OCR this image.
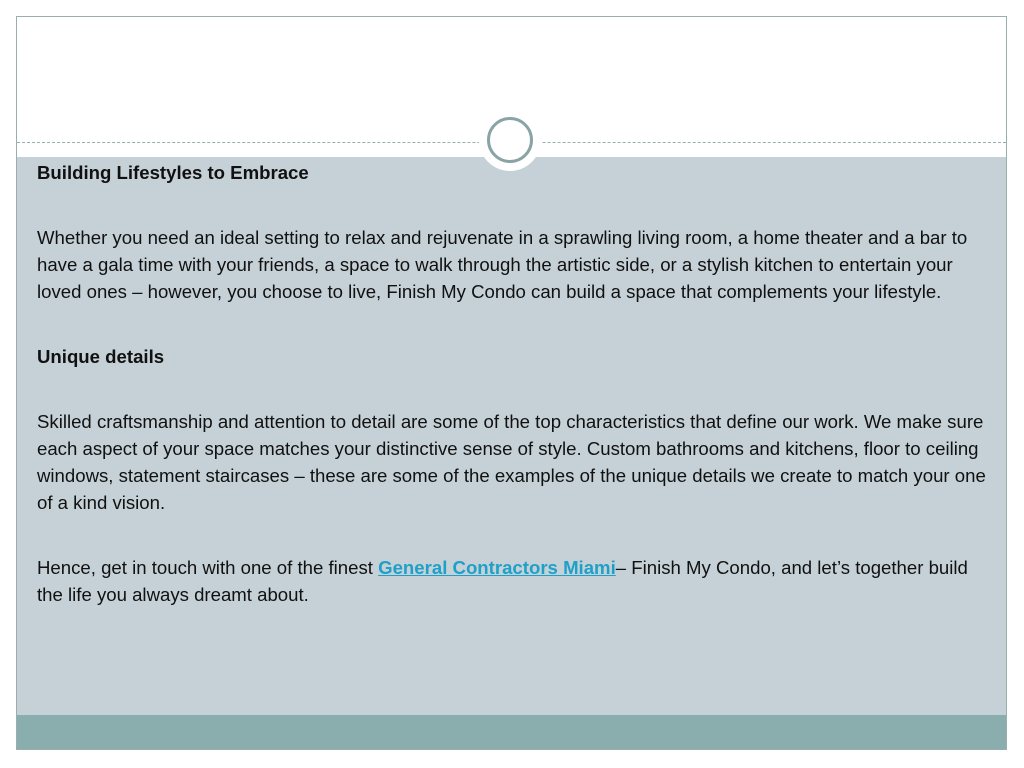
Building Lifestyles to Embrace

Whether you need an ideal setting to relax and rejuvenate in a sprawling living room, a home theater and a bar to have a gala time with your friends, a space to walk through the artistic side, or a stylish kitchen to entertain your loved ones – however, you choose to live, Finish My Condo can build a space that complements your lifestyle.

Unique details

Skilled craftsmanship and attention to detail are some of the top characteristics that define our work. We make sure each aspect of your space matches your distinctive sense of style. Custom bathrooms and kitchens, floor to ceiling windows, statement staircases – these are some of the examples of the unique details we create to match your one of a kind vision.

Hence, get in touch with one of the finest General Contractors Miami– Finish My Condo, and let’s together build the life you always dreamt about.
